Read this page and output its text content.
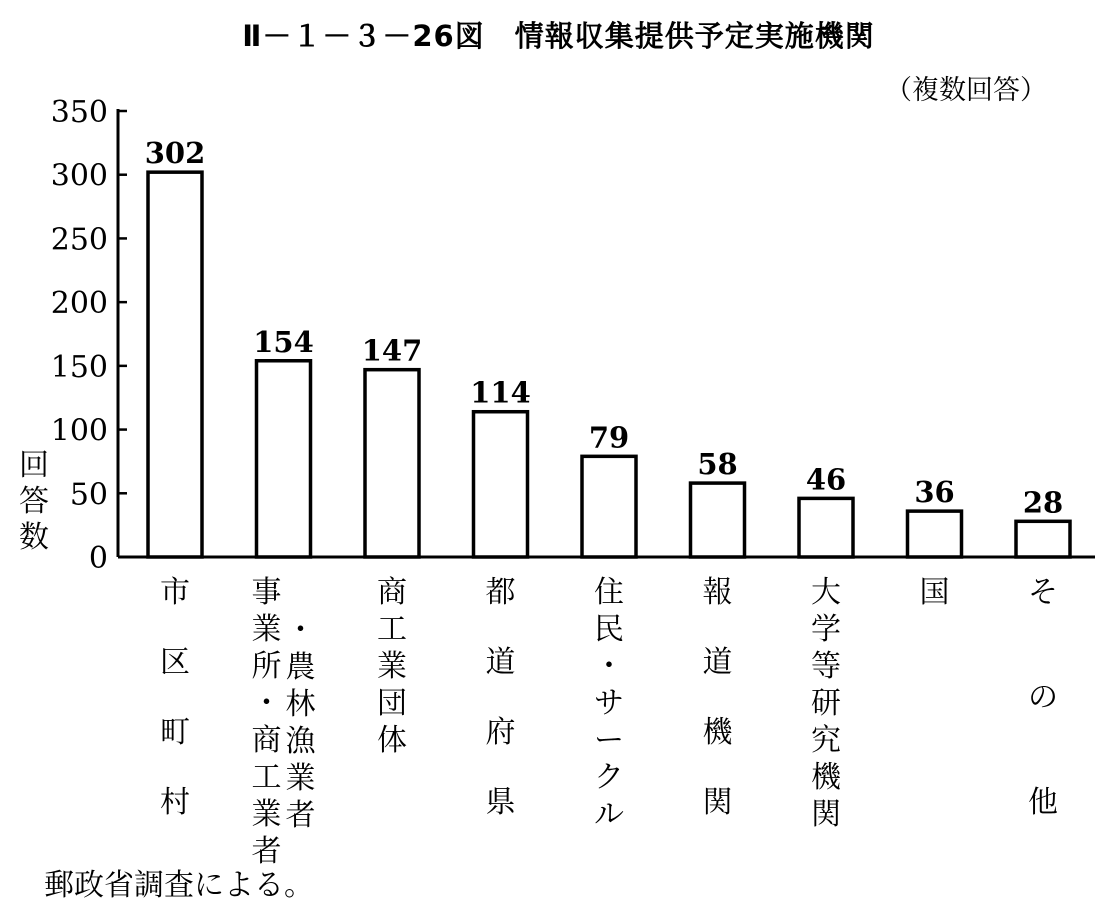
Ⅱ－１－３－26図　情報収集提供予定実施機関
（複数回答）
回
答
数
0
50
100
150
200
250
300
350
302
154 147
114
79
58 46 36 28
市
区
町
村
事
業
所
・
商
工
業
者
・
農
林
漁
業
者
商
工
業
団
体
都
道
府
県
住
民
・
サ
ー
ク
ル
報
道
機
関
大
学
等
研
究
機
関
国	そ
の
他
郵政省調査による。
